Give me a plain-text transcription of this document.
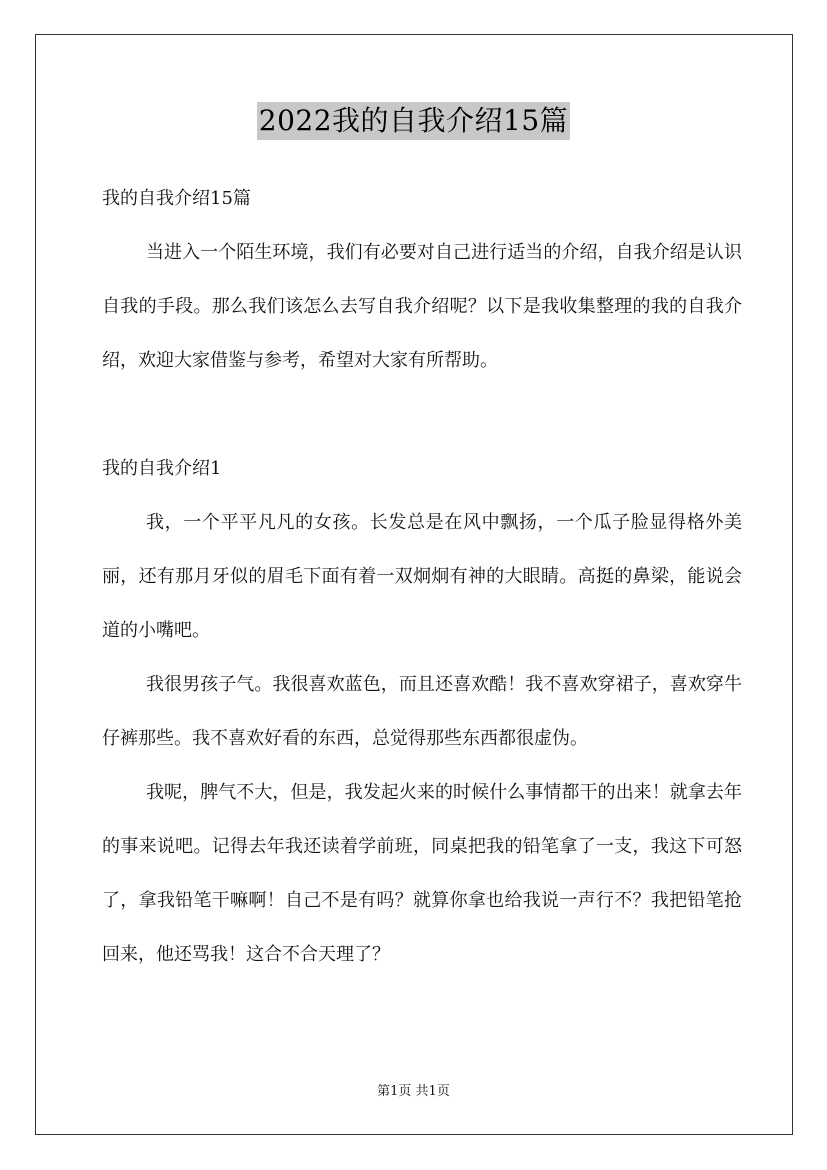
2022我的自我介绍15篇

我的自我介绍15篇

当进入一个陌生环境，我们有必要对自己进行适当的介绍，自我介绍是认识自我的手段。那么我们该怎么去写自我介绍呢？以下是我收集整理的我的自我介绍，欢迎大家借鉴与参考，希望对大家有所帮助。

我的自我介绍1

我，一个平平凡凡的女孩。长发总是在风中飘扬，一个瓜子脸显得格外美丽，还有那月牙似的眉毛下面有着一双炯炯有神的大眼睛。高挺的鼻梁，能说会道的小嘴吧。

我很男孩子气。我很喜欢蓝色，而且还喜欢酷！我不喜欢穿裙子，喜欢穿牛仔裤那些。我不喜欢好看的东西，总觉得那些东西都很虚伪。

我呢，脾气不大，但是，我发起火来的时候什么事情都干的出来！就拿去年的事来说吧。记得去年我还读着学前班，同桌把我的铅笔拿了一支，我这下可怒了，拿我铅笔干嘛啊！自己不是有吗？就算你拿也给我说一声行不？我把铅笔抢回来，他还骂我！这合不合天理了？

第1页 共1页
